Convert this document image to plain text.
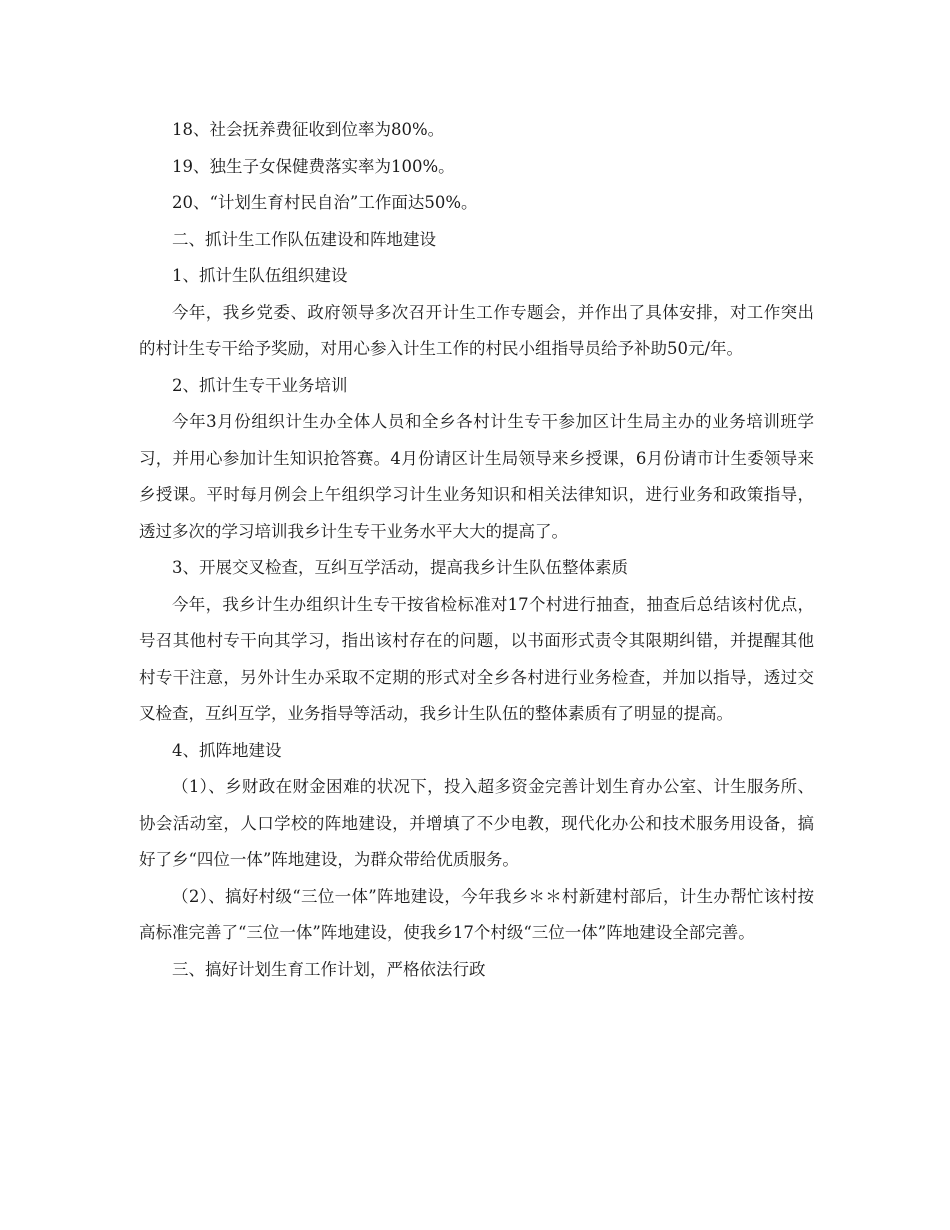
18、社会抚养费征收到位率为80%。

19、独生子女保健费落实率为100%。

20、“计划生育村民自治”工作面达50%。

二、抓计生工作队伍建设和阵地建设

1、抓计生队伍组织建设

今年，我乡党委、政府领导多次召开计生工作专题会，并作出了具体安排，对工作突出的村计生专干给予奖励，对用心参入计生工作的村民小组指导员给予补助50元/年。

2、抓计生专干业务培训

今年3月份组织计生办全体人员和全乡各村计生专干参加区计生局主办的业务培训班学习，并用心参加计生知识抢答赛。4月份请区计生局领导来乡授课，6月份请市计生委领导来乡授课。平时每月例会上午组织学习计生业务知识和相关法律知识，进行业务和政策指导，透过多次的学习培训我乡计生专干业务水平大大的提高了。

3、开展交叉检查，互纠互学活动，提高我乡计生队伍整体素质

今年，我乡计生办组织计生专干按省检标准对17个村进行抽查，抽查后总结该村优点，号召其他村专干向其学习，指出该村存在的问题，以书面形式责令其限期纠错，并提醒其他村专干注意，另外计生办采取不定期的形式对全乡各村进行业务检查，并加以指导，透过交叉检查，互纠互学，业务指导等活动，我乡计生队伍的整体素质有了明显的提高。

4、抓阵地建设

（1）、乡财政在财金困难的状况下，投入超多资金完善计划生育办公室、计生服务所、协会活动室，人口学校的阵地建设，并增填了不少电教，现代化办公和技术服务用设备，搞好了乡“四位一体”阵地建设，为群众带给优质服务。

（2）、搞好村级“三位一体”阵地建设，今年我乡＊＊村新建村部后，计生办帮忙该村按高标准完善了“三位一体”阵地建设，使我乡17个村级“三位一体”阵地建设全部完善。

三、搞好计划生育工作计划，严格依法行政
